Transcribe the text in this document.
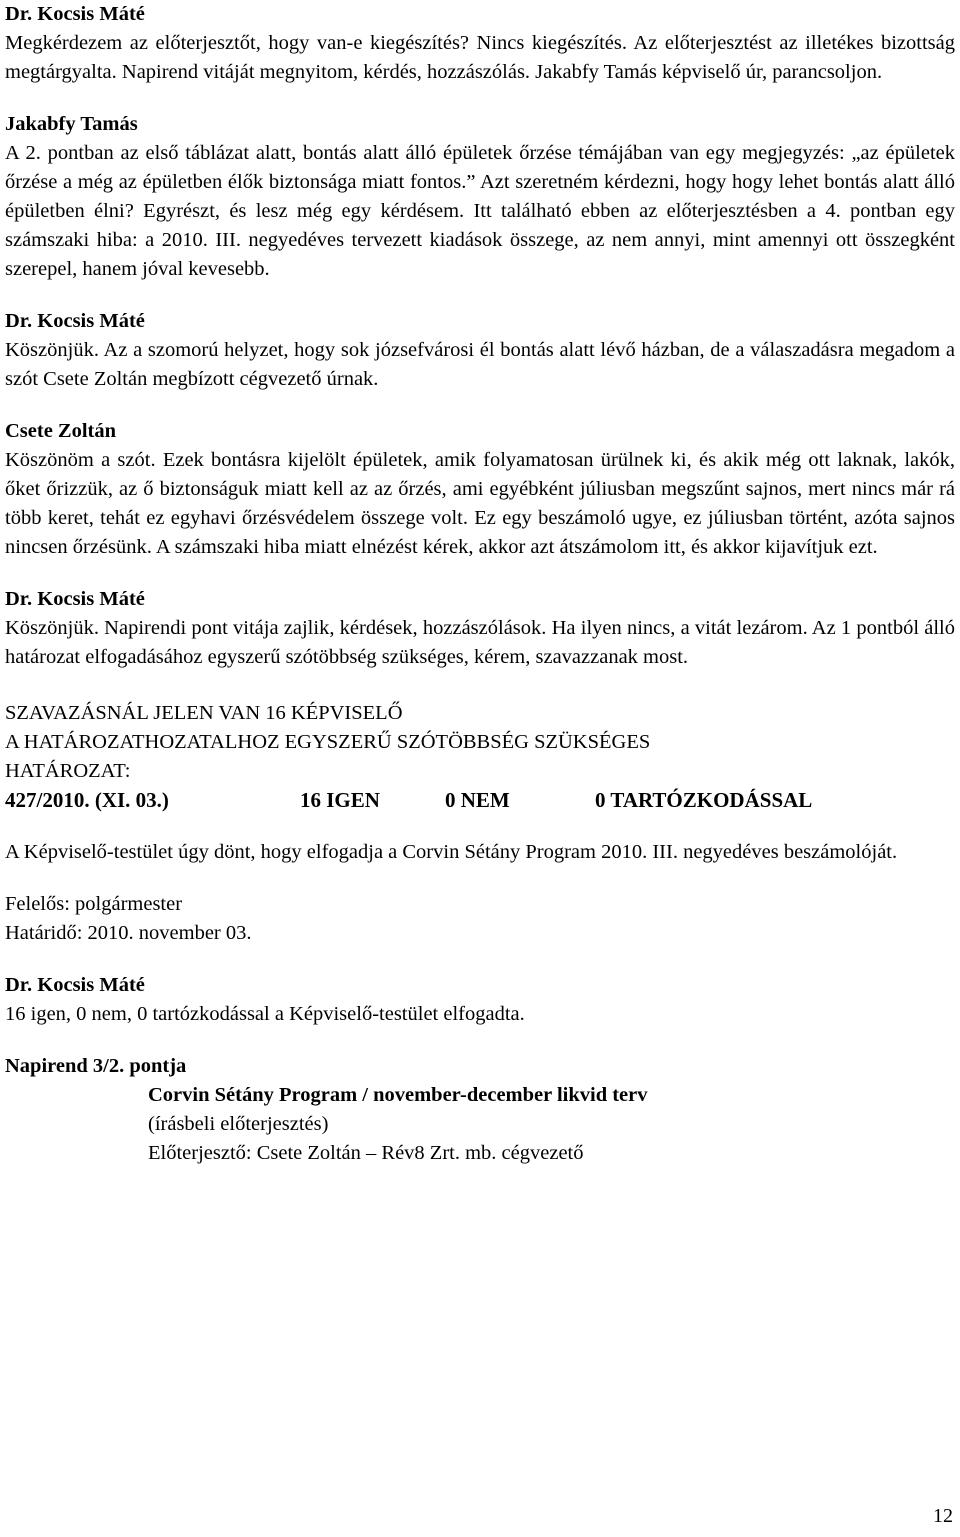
Dr. Kocsis Máté

Megkérdezem az előterjesztőt, hogy van-e kiegészítés? Nincs kiegészítés. Az előterjesztést az illetékes bizottság megtárgyalta. Napirend vitáját megnyitom, kérdés, hozzászólás. Jakabfy Tamás képviselő úr, parancsoljon.

Jakabfy Tamás

A 2. pontban az első táblázat alatt, bontás alatt álló épületek őrzése témájában van egy megjegyzés: „az épületek őrzése a még az épületben élők biztonsága miatt fontos.” Azt szeretném kérdezni, hogy hogy lehet bontás alatt álló épületben élni? Egyrészt, és lesz még egy kérdésem. Itt található ebben az előterjesztésben a 4. pontban egy számszaki hiba: a 2010. III. negyedéves tervezett kiadások összege, az nem annyi, mint amennyi ott összegként szerepel, hanem jóval kevesebb.

Dr. Kocsis Máté

Köszönjük. Az a szomorú helyzet, hogy sok józsefvárosi él bontás alatt lévő házban, de a válaszadásra megadom a szót Csete Zoltán megbízott cégvezető úrnak.

Csete Zoltán

Köszönöm a szót. Ezek bontásra kijelölt épületek, amik folyamatosan ürülnek ki, és akik még ott laknak, lakók, őket őrizzük, az ő biztonságuk miatt kell az az őrzés, ami egyébként júliusban megszűnt sajnos, mert nincs már rá több keret, tehát ez egyhavi őrzésvédelem összege volt. Ez egy beszámoló ugye, ez júliusban történt, azóta sajnos nincsen őrzésünk. A számszaki hiba miatt elnézést kérek, akkor azt átszámolom itt, és akkor kijavítjuk ezt.

Dr. Kocsis Máté

Köszönjük. Napirendi pont vitája zajlik, kérdések, hozzászólások. Ha ilyen nincs, a vitát lezárom. Az 1 pontból álló határozat elfogadásához egyszerű szótöbbség szükséges, kérem, szavazzanak most.

SZAVAZÁSNÁL JELEN VAN 16 KÉPVISELŐ

A HATÁROZATHOZATALHOZ EGYSZERŰ SZÓTÖBBSÉG SZÜKSÉGES

HATÁROZAT:

427/2010. (XI. 03.)	16 IGEN	0 NEM	0 TARTÓZKODÁSSAL

A Képviselő-testület úgy dönt, hogy elfogadja a Corvin Sétány Program 2010. III. negyedéves beszámolóját.

Felelős: polgármester

Határidő: 2010. november 03.

Dr. Kocsis Máté

16 igen, 0 nem, 0 tartózkodással a Képviselő-testület elfogadta.

Napirend 3/2. pontja

Corvin Sétány Program / november-december likvid terv

(írásbeli előterjesztés)

Előterjesztő: Csete Zoltán – Rév8 Zrt. mb. cégvezető

12
